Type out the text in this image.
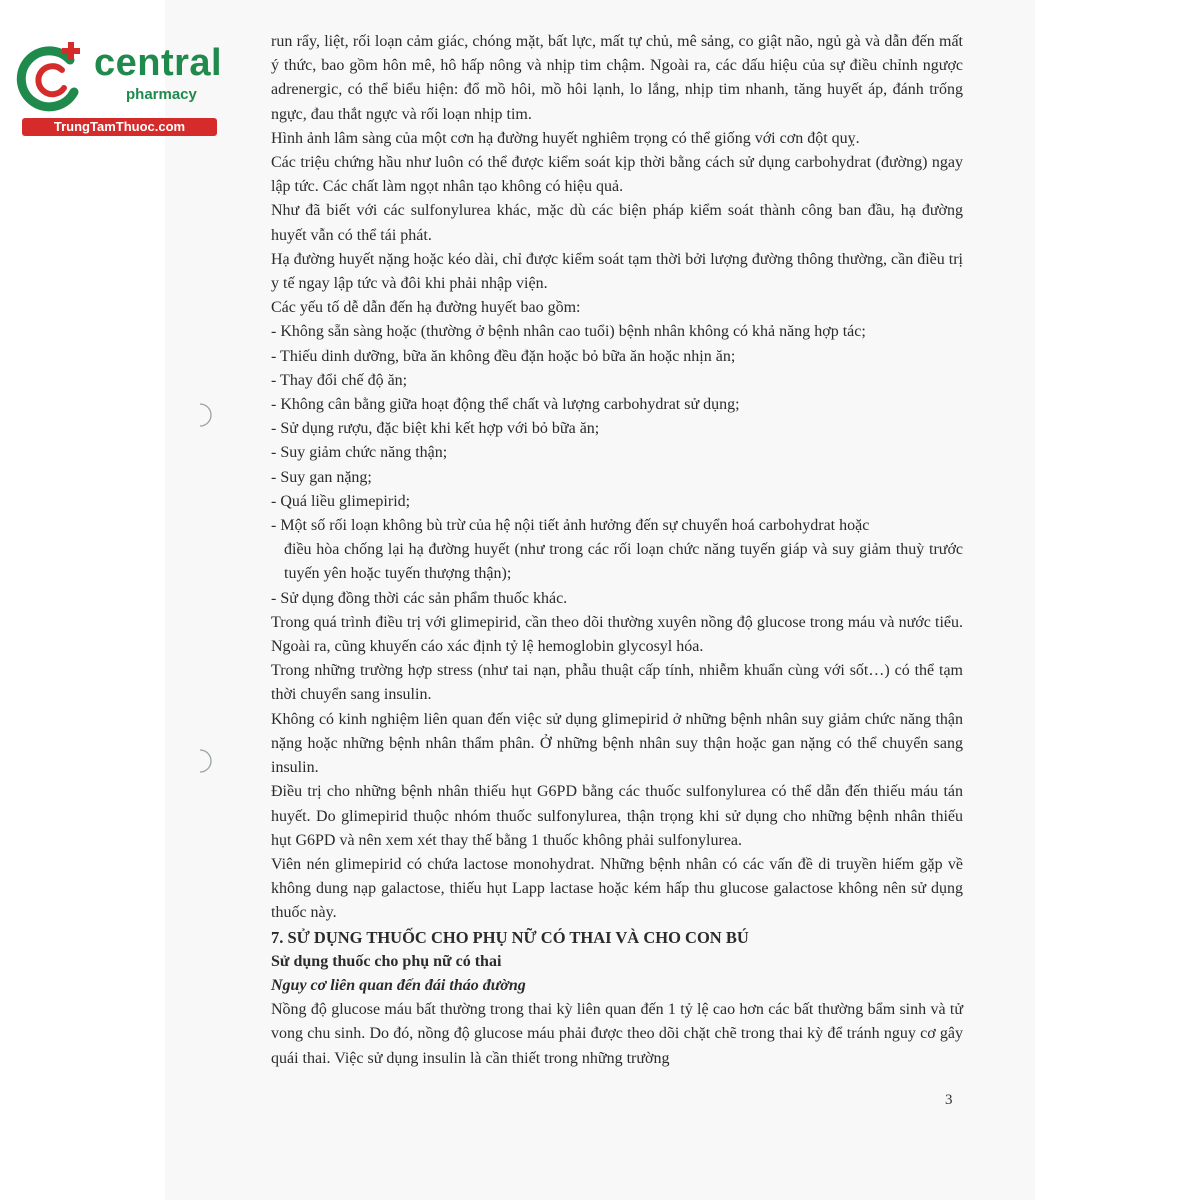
central
pharmacy
TrungTamThuoc.com

run rẩy, liệt, rối loạn cảm giác, chóng mặt, bất lực, mất tự chủ, mê sảng, co giật não, ngủ gà và dẫn đến mất ý thức, bao gồm hôn mê, hô hấp nông và nhịp tim chậm. Ngoài ra, các dấu hiệu của sự điều chỉnh ngược adrenergic, có thể biểu hiện: đổ mồ hôi, mồ hôi lạnh, lo lắng, nhịp tim nhanh, tăng huyết áp, đánh trống ngực, đau thắt ngực và rối loạn nhịp tim.

Hình ảnh lâm sàng của một cơn hạ đường huyết nghiêm trọng có thể giống với cơn đột quỵ.

Các triệu chứng hầu như luôn có thể được kiểm soát kịp thời bằng cách sử dụng carbohydrat (đường) ngay lập tức. Các chất làm ngọt nhân tạo không có hiệu quả.

Như đã biết với các sulfonylurea khác, mặc dù các biện pháp kiểm soát thành công ban đầu, hạ đường huyết vẫn có thể tái phát.

Hạ đường huyết nặng hoặc kéo dài, chỉ được kiểm soát tạm thời bởi lượng đường thông thường, cần điều trị y tế ngay lập tức và đôi khi phải nhập viện.

Các yếu tố dễ dẫn đến hạ đường huyết bao gồm:

- Không sẵn sàng hoặc (thường ở bệnh nhân cao tuổi) bệnh nhân không có khả năng hợp tác;
- Thiếu dinh dưỡng, bữa ăn không đều đặn hoặc bỏ bữa ăn hoặc nhịn ăn;
- Thay đổi chế độ ăn;
- Không cân bằng giữa hoạt động thể chất và lượng carbohydrat sử dụng;
- Sử dụng rượu, đặc biệt khi kết hợp với bỏ bữa ăn;
- Suy giảm chức năng thận;
- Suy gan nặng;
- Quá liều glimepirid;
- Một số rối loạn không bù trừ của hệ nội tiết ảnh hưởng đến sự chuyển hoá carbohydrat hoặc
điều hòa chống lại hạ đường huyết (như trong các rối loạn chức năng tuyến giáp và suy giảm thuỳ trước tuyến yên hoặc tuyến thượng thận);
- Sử dụng đồng thời các sản phẩm thuốc khác.

Trong quá trình điều trị với glimepirid, cần theo dõi thường xuyên nồng độ glucose trong máu và nước tiểu. Ngoài ra, cũng khuyến cáo xác định tỷ lệ hemoglobin glycosyl hóa.

Trong những trường hợp stress (như tai nạn, phẫu thuật cấp tính, nhiễm khuẩn cùng với sốt…) có thể tạm thời chuyển sang insulin.

Không có kinh nghiệm liên quan đến việc sử dụng glimepirid ở những bệnh nhân suy giảm chức năng thận nặng hoặc những bệnh nhân thẩm phân. Ở những bệnh nhân suy thận hoặc gan nặng có thể chuyển sang insulin.

Điều trị cho những bệnh nhân thiếu hụt G6PD bằng các thuốc sulfonylurea có thể dẫn đến thiếu máu tán huyết. Do glimepirid thuộc nhóm thuốc sulfonylurea, thận trọng khi sử dụng cho những bệnh nhân thiếu hụt G6PD và nên xem xét thay thế bằng 1 thuốc không phải sulfonylurea.

Viên nén glimepirid có chứa lactose monohydrat. Những bệnh nhân có các vấn đề di truyền hiếm gặp về không dung nạp galactose, thiếu hụt Lapp lactase hoặc kém hấp thu glucose galactose không nên sử dụng thuốc này.

7. SỬ DỤNG THUỐC CHO PHỤ NỮ CÓ THAI VÀ CHO CON BÚ
Sử dụng thuốc cho phụ nữ có thai
Nguy cơ liên quan đến đái tháo đường

Nồng độ glucose máu bất thường trong thai kỳ liên quan đến 1 tỷ lệ cao hơn các bất thường bẩm sinh và tử vong chu sinh. Do đó, nồng độ glucose máu phải được theo dõi chặt chẽ trong thai kỳ để tránh nguy cơ gây quái thai. Việc sử dụng insulin là cần thiết trong những trường

3
